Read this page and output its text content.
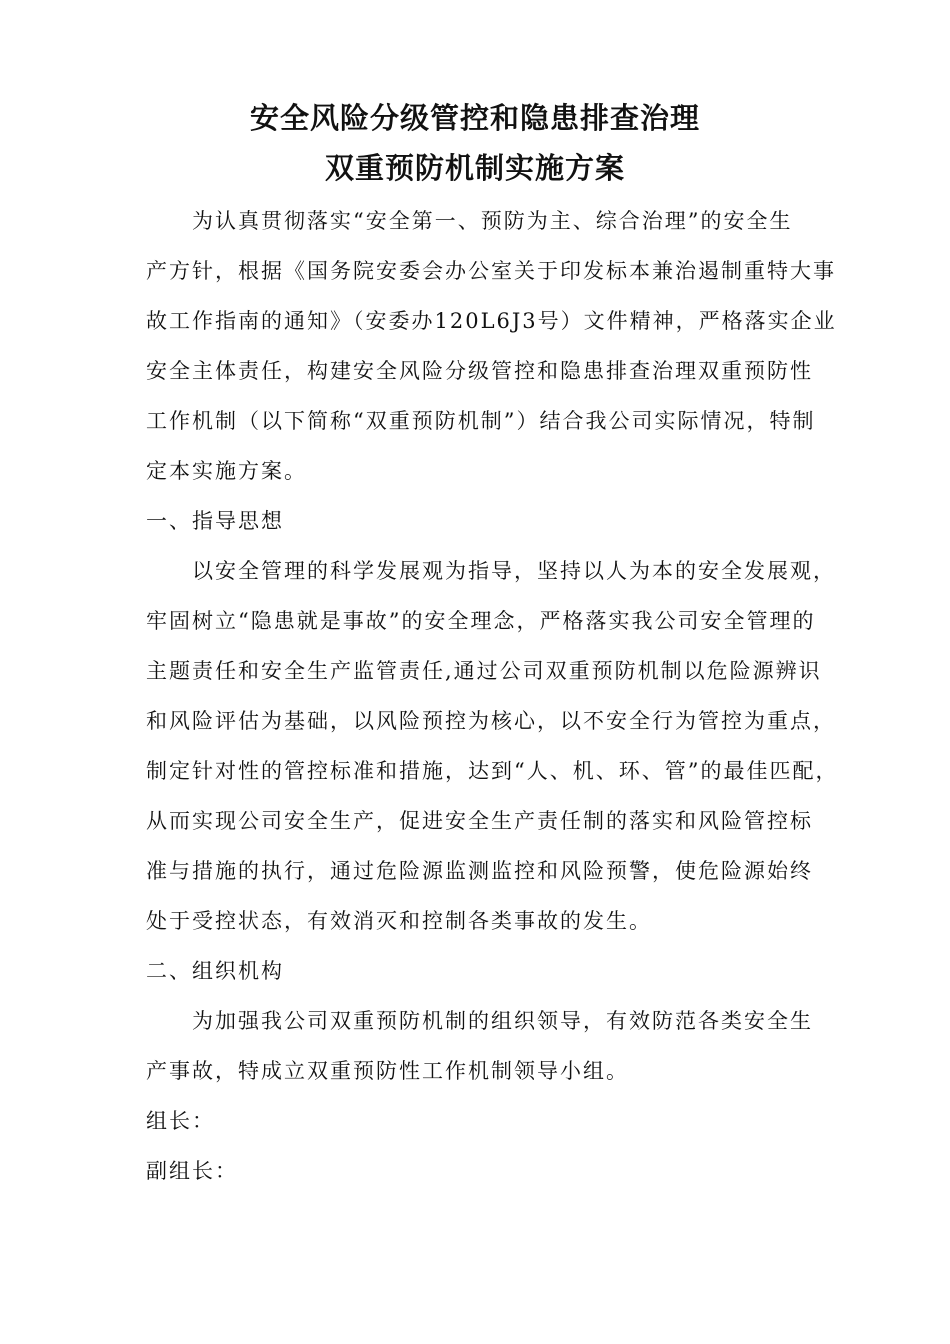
安全风险分级管控和隐患排查治理
双重预防机制实施方案
为认真贯彻落实“安全第一、预防为主、综合治理”的安全生
产方针，根据《国务院安委会办公室关于印发标本兼治遏制重特大事
故工作指南的通知》（安委办120L6J3号）文件精神，严格落实企业
安全主体责任，构建安全风险分级管控和隐患排查治理双重预防性
工作机制（以下简称“双重预防机制”）结合我公司实际情况，特制
定本实施方案。
一、指导思想
以安全管理的科学发展观为指导，坚持以人为本的安全发展观，
牢固树立“隐患就是事故”的安全理念，严格落实我公司安全管理的
主题责任和安全生产监管责任,通过公司双重预防机制以危险源辨识
和风险评估为基础，以风险预控为核心，以不安全行为管控为重点，
制定针对性的管控标准和措施，达到“人、机、环、管”的最佳匹配，
从而实现公司安全生产，促进安全生产责任制的落实和风险管控标
准与措施的执行，通过危险源监测监控和风险预警，使危险源始终
处于受控状态，有效消灭和控制各类事故的发生。
二、组织机构
为加强我公司双重预防机制的组织领导，有效防范各类安全生
产事故，特成立双重预防性工作机制领导小组。
组长：
副组长：
